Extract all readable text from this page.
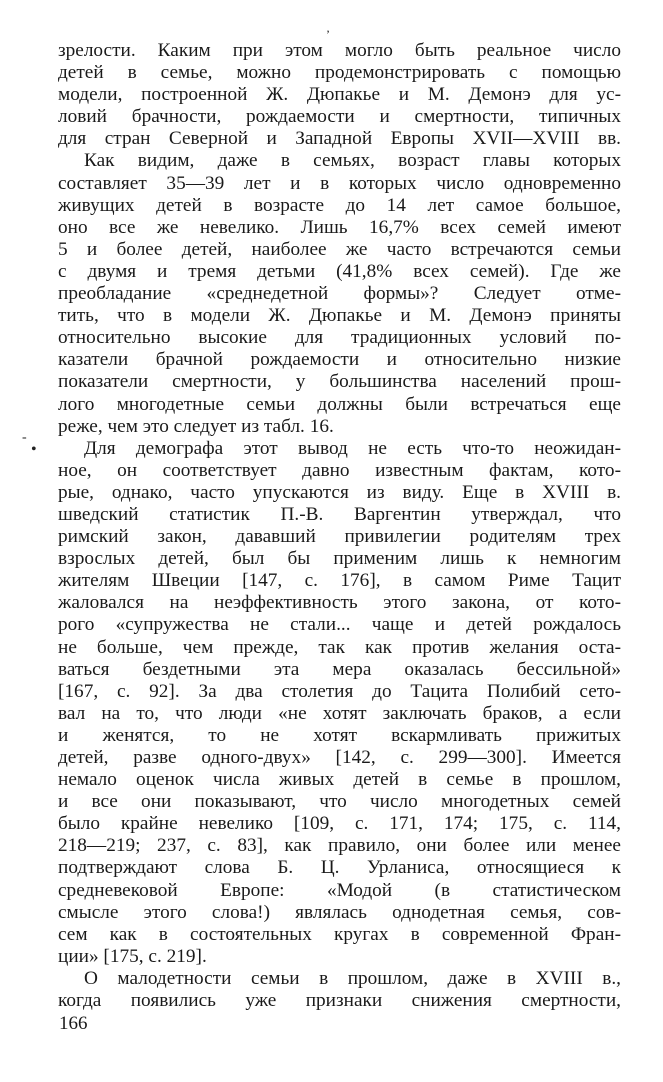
зрелости. Каким при этом могло быть реальное число
детей в семье, можно продемонстрировать с помощью
модели, построенной Ж. Дюпакье и М. Демонэ для ус-
ловий брачности, рождаемости и смертности, типичных
для стран Северной и Западной Европы XVII—XVIII вв.
Как видим, даже в семьях, возраст главы которых
составляет 35—39 лет и в которых число одновременно
живущих детей в возрасте до 14 лет самое большое,
оно все же невелико. Лишь 16,7% всех семей имеют
5 и более детей, наиболее же часто встречаются семьи
с двумя и тремя детьми (41,8% всех семей). Где же
преобладание «среднедетной формы»? Следует отме-
тить, что в модели Ж. Дюпакье и М. Демонэ приняты
относительно высокие для традиционных условий по-
казатели брачной рождаемости и относительно низкие
показатели смертности, у большинства населений прош-
лого многодетные семьи должны были встречаться еще
реже, чем это следует из табл. 16.
Для демографа этот вывод не есть что-то неожидан-
ное, он соответствует давно известным фактам, кото-
рые, однако, часто упускаются из виду. Еще в XVIII в.
шведский статистик П.-В. Варгентин утверждал, что
римский закон, дававший привилегии родителям трех
взрослых детей, был бы применим лишь к немногим
жителям Швеции [147, с. 176], в самом Риме Тацит
жаловался на неэффективность этого закона, от кото-
рого «супружества не стали... чаще и детей рождалось
не больше, чем прежде, так как против желания оста-
ваться бездетными эта мера оказалась бессильной»
[167, с. 92]. За два столетия до Тацита Полибий сето-
вал на то, что люди «не хотят заключать браков, а если
и женятся, то не хотят вскармливать прижитых
детей, разве одного-двух» [142, с. 299—300]. Имеется
немало оценок числа живых детей в семье в прошлом,
и все они показывают, что число многодетных семей
было крайне невелико [109, с. 171, 174; 175, с. 114,
218—219; 237, с. 83], как правило, они более или менее
подтверждают слова Б. Ц. Урланиса, относящиеся к
средневековой Европе: «Модой (в статистическом
смысле этого слова!) являлась однодетная семья, сов-
сем как в состоятельных кругах в современной Фран-
ции» [175, с. 219].
О малодетности семьи в прошлом, даже в XVIII в.,
когда появились уже признаки снижения смертности,
166
-
•
’
